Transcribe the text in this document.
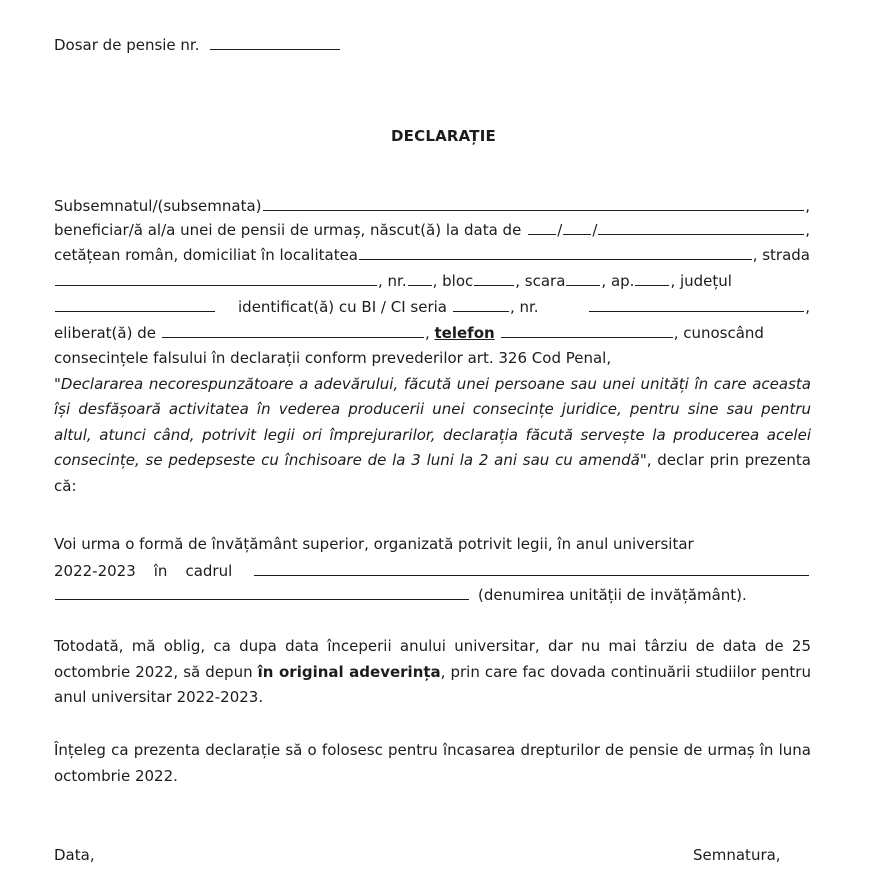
Dosar de pensie nr.
DECLARAȚIE
Subsemnatul/(subsemnata)	,
beneficiar/ă al/a unei de pensii de urmaș, născut(ă) la data de / /	,
cetățean român, domiciliat în localitatea	, strada
, nr. , bloc	, scara , ap. , județul
identificat(ă) cu BI / CI seria	, nr.	,
eliberat(ă) de	, telefon	, cunoscând
consecințele falsului în declarații conform prevederilor art. 326 Cod Penal,
"Declararea necorespunzătoare a adevărului, făcută unei persoane sau unei unități în care aceasta își desfășoară activitatea în vederea producerii unei consecințe juridice, pentru sine sau pentru altul, atunci când, potrivit legii ori împrejurarilor, declarația făcută servește la producerea acelei consecințe, se pedepseste cu închisoare de la 3 luni la 2 ani sau cu amendă", declar prin prezenta că:
Voi urma o formă de învățământ superior, organizată potrivit legii, în anul universitar
2022-2023 în cadrul
(denumirea unității de invățământ).
Totodată, mă oblig, ca dupa data începerii anului universitar, dar nu mai târziu de data de 25 octombrie 2022, să depun în original adeverința, prin care fac dovada continuării studiilor pentru anul universitar 2022-2023.
Înțeleg ca prezenta declarație să o folosesc pentru încasarea drepturilor de pensie de urmaș în luna octombrie 2022.
Data,	Semnatura,
